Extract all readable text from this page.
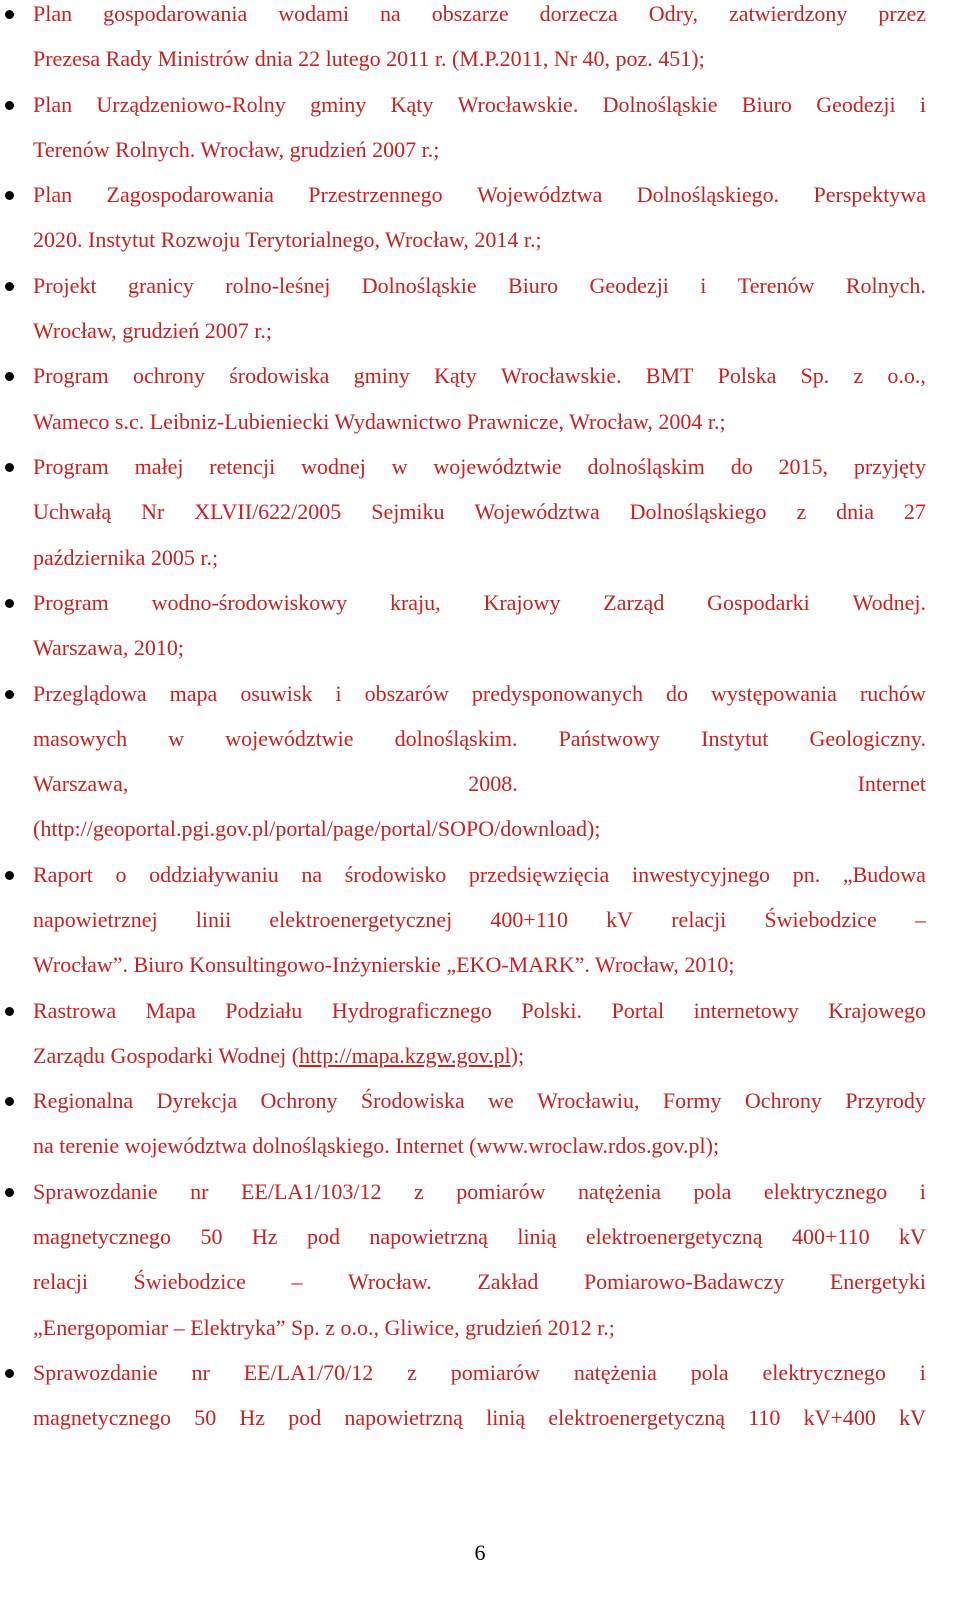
Plan gospodarowania wodami na obszarze dorzecza Odry, zatwierdzony przez
Prezesa Rady Ministrów dnia 22 lutego 2011 r. (M.P.2011, Nr 40, poz. 451);
Plan Urządzeniowo-Rolny gminy Kąty Wrocławskie. Dolnośląskie Biuro Geodezji i
Terenów Rolnych. Wrocław, grudzień 2007 r.;
Plan Zagospodarowania Przestrzennego Województwa Dolnośląskiego. Perspektywa
2020. Instytut Rozwoju Terytorialnego, Wrocław, 2014 r.;
Projekt granicy rolno-leśnej Dolnośląskie Biuro Geodezji i Terenów Rolnych.
Wrocław, grudzień 2007 r.;
Program ochrony środowiska gminy Kąty Wrocławskie. BMT Polska Sp. z o.o.,
Wameco s.c. Leibniz-Lubieniecki Wydawnictwo Prawnicze, Wrocław, 2004 r.;
Program małej retencji wodnej w województwie dolnośląskim do 2015, przyjęty
Uchwałą Nr XLVII/622/2005 Sejmiku Województwa Dolnośląskiego z dnia 27
października 2005 r.;
Program wodno-środowiskowy kraju, Krajowy Zarząd Gospodarki Wodnej.
Warszawa, 2010;
Przeglądowa mapa osuwisk i obszarów predysponowanych do występowania ruchów
masowych w województwie dolnośląskim. Państwowy Instytut Geologiczny.
Warszawa,	2008.	Internet
(http://geoportal.pgi.gov.pl/portal/page/portal/SOPO/download);
Raport o oddziaływaniu na środowisko przedsięwzięcia inwestycyjnego pn. „Budowa
napowietrznej linii elektroenergetycznej 400+110 kV relacji Świebodzice –
Wrocław”. Biuro Konsultingowo-Inżynierskie „EKO-MARK”. Wrocław, 2010;
Rastrowa Mapa Podziału Hydrograficznego Polski. Portal internetowy Krajowego
Zarządu Gospodarki Wodnej (http://mapa.kzgw.gov.pl);
Regionalna Dyrekcja Ochrony Środowiska we Wrocławiu, Formy Ochrony Przyrody
na terenie województwa dolnośląskiego. Internet (www.wroclaw.rdos.gov.pl);
Sprawozdanie nr EE/LA1/103/12 z pomiarów natężenia pola elektrycznego i
magnetycznego 50 Hz pod napowietrzną linią elektroenergetyczną 400+110 kV
relacji Świebodzice – Wrocław. Zakład Pomiarowo-Badawczy Energetyki
„Energopomiar – Elektryka” Sp. z o.o., Gliwice, grudzień 2012 r.;
Sprawozdanie nr EE/LA1/70/12 z pomiarów natężenia pola elektrycznego i
magnetycznego 50 Hz pod napowietrzną linią elektroenergetyczną 110 kV+400 kV
6
